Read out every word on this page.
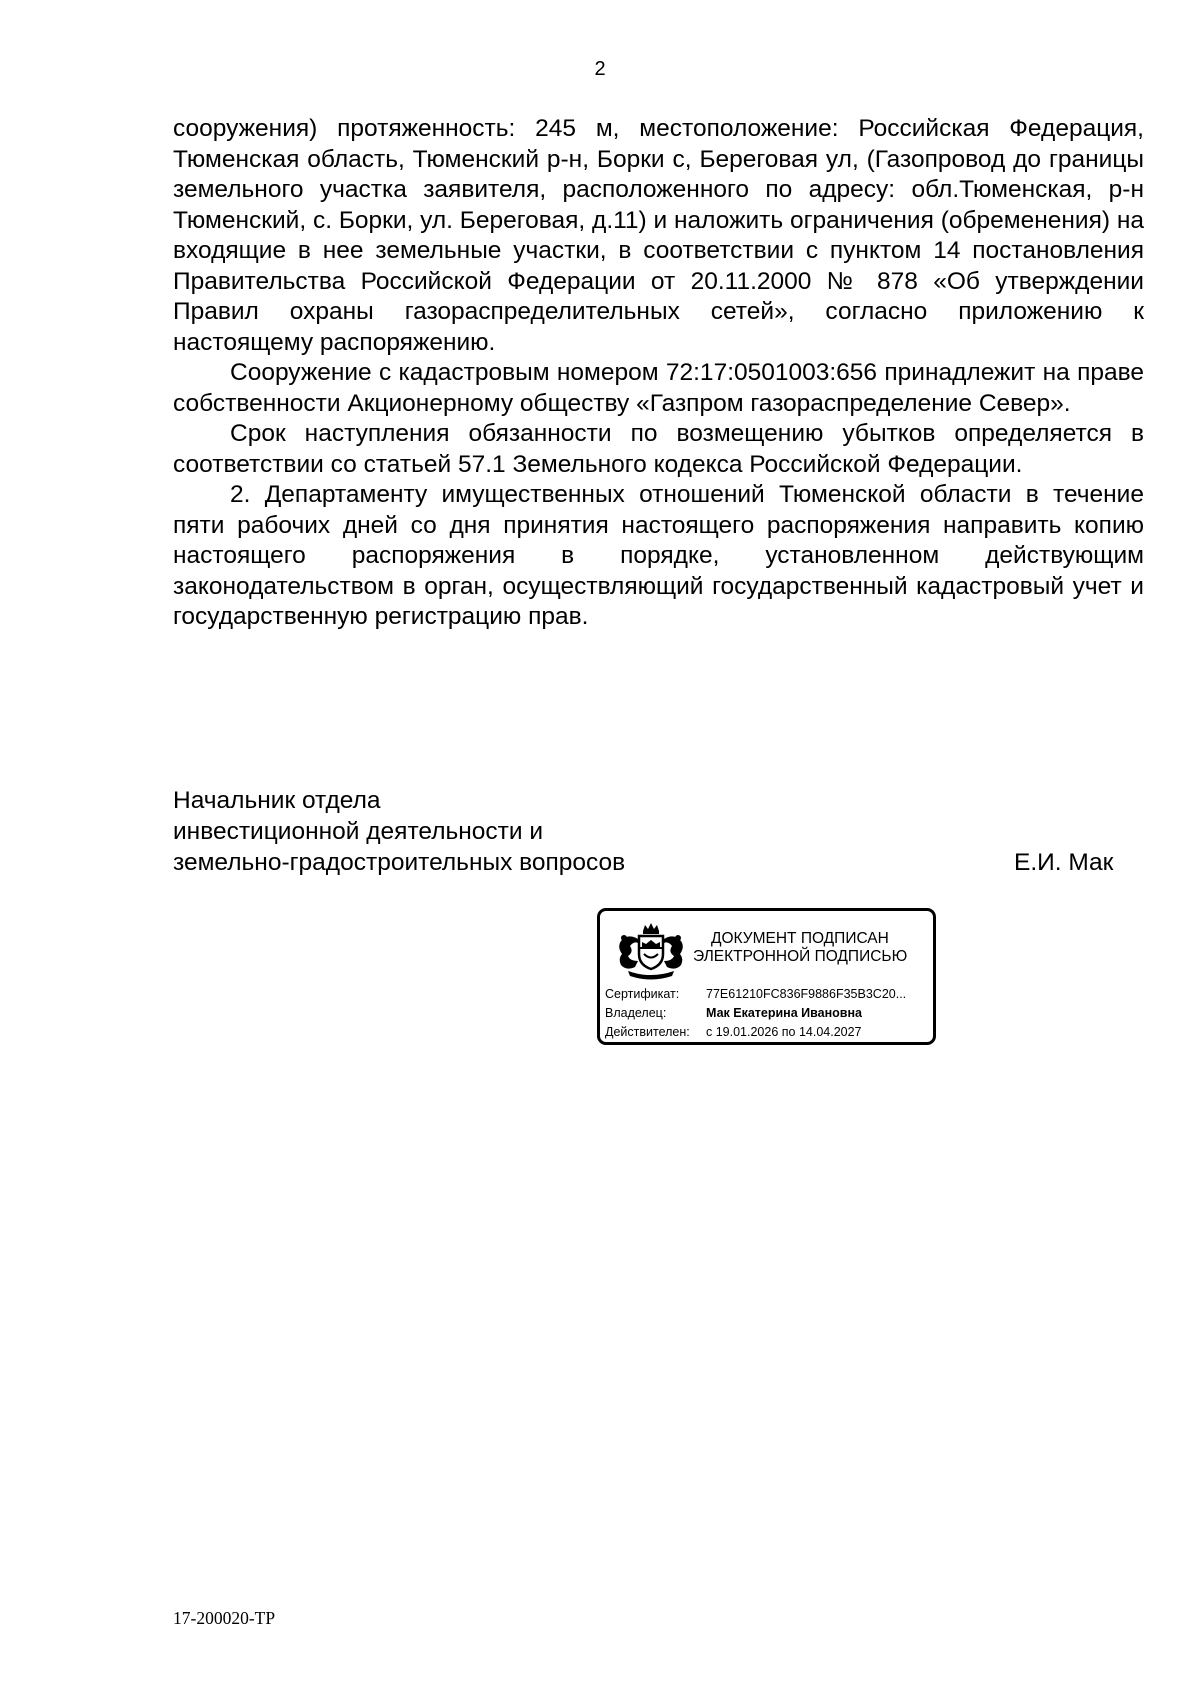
2

сооружения) протяженность: 245 м, местоположение: Российская Федерация, Тюменская область, Тюменский р-н, Борки с, Береговая ул, (Газопровод до границы земельного участка заявителя, расположенного по адресу: обл.Тюменская, р-н Тюменский, с. Борки, ул. Береговая, д.11) и наложить ограничения (обременения) на входящие в нее земельные участки, в соответствии с пунктом 14 постановления Правительства Российской Федерации от 20.11.2000 № 878 «Об утверждении Правил охраны газораспределительных сетей», согласно приложению к настоящему распоряжению.

Сооружение с кадастровым номером 72:17:0501003:656 принадлежит на праве собственности Акционерному обществу «Газпром газораспределение Север».

Срок наступления обязанности по возмещению убытков определяется в соответствии со статьей 57.1 Земельного кодекса Российской Федерации.

2. Департаменту имущественных отношений Тюменской области в течение пяти рабочих дней со дня принятия настоящего распоряжения направить копию настоящего распоряжения в порядке, установленном действующим законодательством в орган, осуществляющий государственный кадастровый учет и государственную регистрацию прав.

Начальник отдела
инвестиционной деятельности и
земельно-градостроительных вопросов	Е.И. Мак
ДОКУМЕНТ ПОДПИСАН
ЭЛЕКТРОННОЙ ПОДПИСЬЮ
Сертификат: 77E61210FC836F9886F35B3C20...
Владелец:	Мак Екатерина Ивановна
Действителен: с 19.01.2026 по 14.04.2027
17-200020-ТР
